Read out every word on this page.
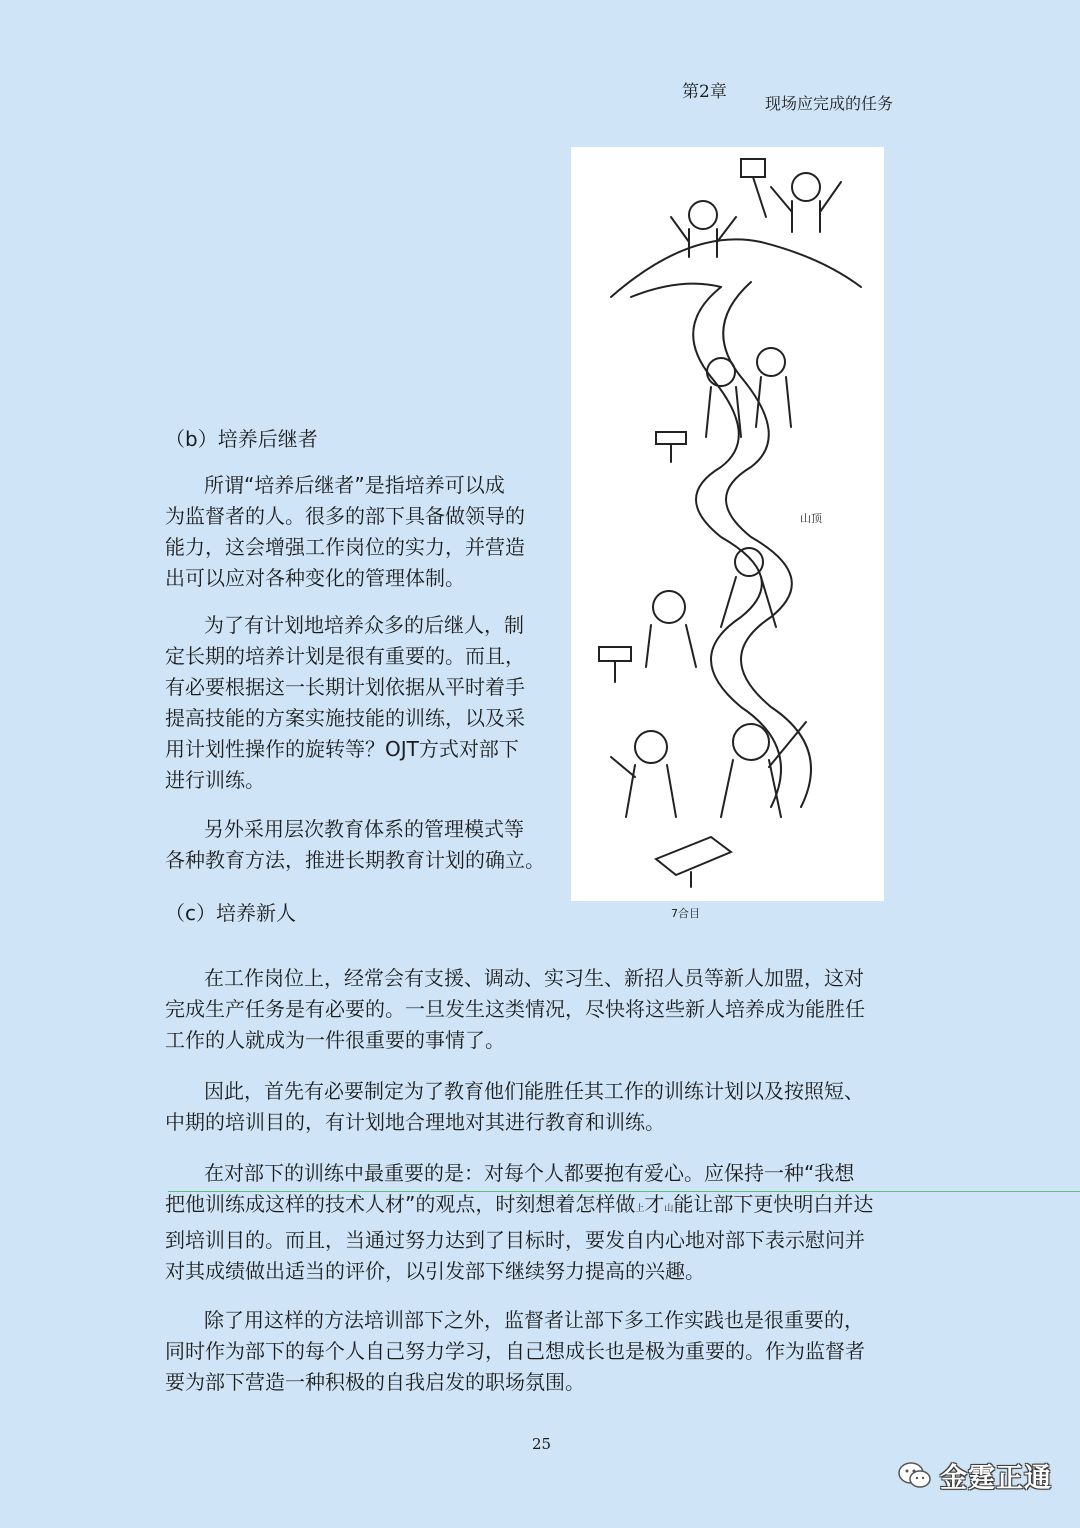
第2章
现场应完成的任务
山顶
7合目
（b）培养后继者
所谓“培养后继者”是指培养可以成
为监督者的人。很多的部下具备做领导的
能力，这会增强工作岗位的实力，并营造
出可以应对各种变化的管理体制。
为了有计划地培养众多的后继人，制
定长期的培养计划是很有重要的。而且，
有必要根据这一长期计划依据从平时着手
提高技能的方案实施技能的训练，以及采
用计划性操作的旋转等？OJT方式对部下
进行训练。
另外采用层次教育体系的管理模式等
各种教育方法，推进长期教育计划的确立。
（c）培养新人
在工作岗位上，经常会有支援、调动、实习生、新招人员等新人加盟，这对
完成生产任务是有必要的。一旦发生这类情况，尽快将这些新人培养成为能胜任
工作的人就成为一件很重要的事情了。
因此，首先有必要制定为了教育他们能胜任其工作的训练计划以及按照短、
中期的培训目的，有计划地合理地对其进行教育和训练。
在对部下的训练中最重要的是：对每个人都要抱有爱心。应保持一种“我想
把他训练成这样的技术人材”的观点，时刻想着怎样做上才山能让部下更快明白并达
到培训目的。而且，当通过努力达到了目标时，要发自内心地对部下表示慰问并
对其成绩做出适当的评价，以引发部下继续努力提高的兴趣。
除了用这样的方法培训部下之外，监督者让部下多工作实践也是很重要的，
同时作为部下的每个人自己努力学习，自己想成长也是极为重要的。作为监督者
要为部下营造一种积极的自我启发的职场氛围。
25
金霆正通
